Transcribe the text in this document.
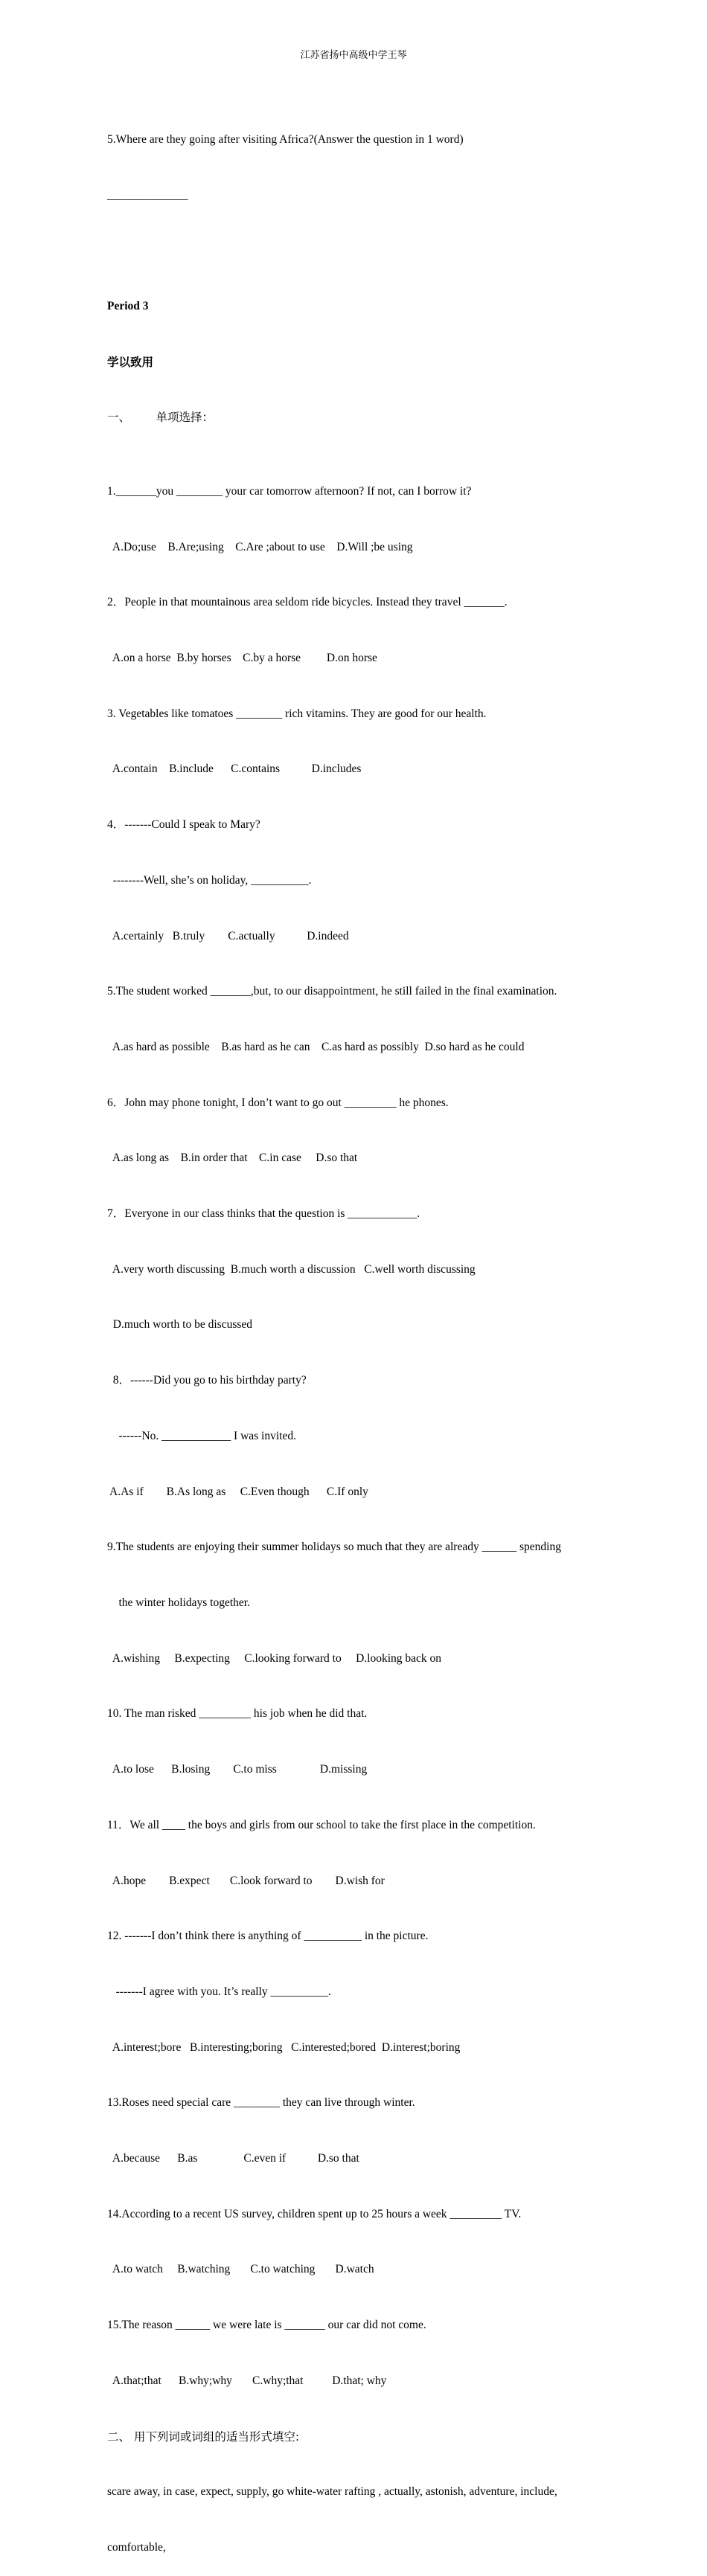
江苏省扬中高级中学王琴

5.Where are they going after visiting Africa?(Answer the question in 1 word)

______________

Period 3

学以致用

一、       单项选择：

1._______you ________ your car tomorrow afternoon? If not, can I borrow it?

A.Do;use    B.Are;using    C.Are ;about to use    D.Will ;be using

2．People in that mountainous area seldom ride bicycles. Instead they travel _______.

A.on a horse  B.by horses    C.by a horse         D.on horse

3. Vegetables like tomatoes ________ rich vitamins. They are good for our health.

A.contain    B.include      C.contains           D.includes

4．-------Could I speak to Mary?

--------Well, she’s on holiday, __________.

A.certainly   B.truly        C.actually           D.indeed

5.The student worked _______,but, to our disappointment, he still failed in the final examination.

A.as hard as possible    B.as hard as he can    C.as hard as possibly  D.so hard as he could

6．John may phone tonight, I don’t want to go out _________ he phones.

A.as long as    B.in order that    C.in case     D.so that

7．Everyone in our class thinks that the question is ____________.

A.very worth discussing  B.much worth a discussion   C.well worth discussing

D.much worth to be discussed

8．------Did you go to his birthday party?

------No. ____________ I was invited.

A.As if        B.As long as     C.Even though      C.If only

9.The students are enjoying their summer holidays so much that they are already ______ spending

the winter holidays together.

A.wishing     B.expecting     C.looking forward to     D.looking back on

10. The man risked _________ his job when he did that.

A.to lose      B.losing        C.to miss               D.missing

11．We all ____ the boys and girls from our school to take the first place in the competition.

A.hope        B.expect       C.look forward to        D.wish for

12. -------I don’t think there is anything of __________ in the picture.

-------I agree with you. It’s really __________.

A.interest;bore   B.interesting;boring   C.interested;bored  D.interest;boring

13.Roses need special care ________ they can live through winter.

A.because      B.as                C.even if           D.so that

14.According to a recent US survey, children spent up to 25 hours a week _________ TV.

A.to watch     B.watching       C.to watching       D.watch

15.The reason ______ we were late is _______ our car did not come.

A.that;that      B.why;why       C.why;that          D.that; why

二、 用下列词或词组的适当形式填空:

scare away, in case, expect, supply, go white-water rafting , actually, astonish, adventure, include,

comfortable,
